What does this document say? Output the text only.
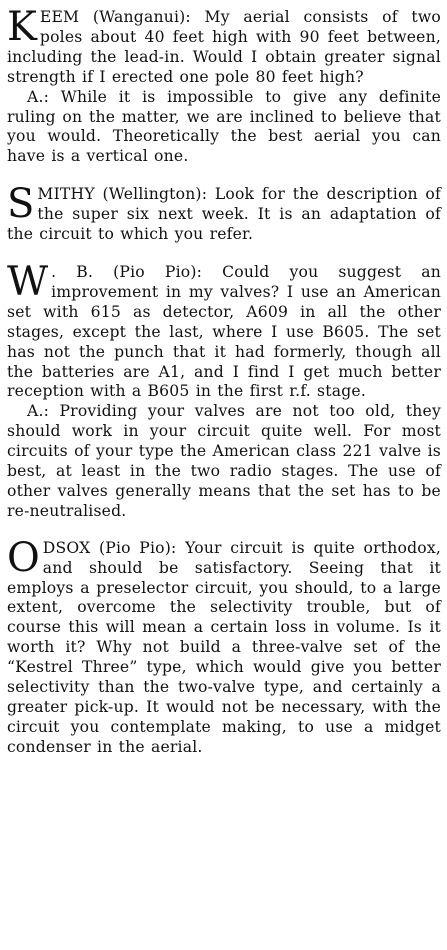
KEEM (Wanganui): My aerial consists of two poles about 40 feet high with 90 feet between, including the lead-in. Would I obtain greater signal strength if I erected one pole 80 feet high?

A.: While it is impossible to give any definite ruling on the matter, we are inclined to believe that you would. Theoretically the best aerial you can have is a vertical one.

SMITHY (Wellington): Look for the description of the super six next week. It is an adaptation of the circuit to which you refer.

W . B. (Pio Pio): Could you suggest an improvement in my valves? I use an American set with 615 as detector, A609 in all the other stages, except the last, where I use B605. The set has not the punch that it had formerly, though all the batteries are A1, and I find I get much better reception with a B605 in the first r.f. stage.

A.: Providing your valves are not too old, they should work in your circuit quite well. For most circuits of your type the American class 221 valve is best, at least in the two radio stages. The use of other valves generally means that the set has to be re-neutralised.

ODSOX (Pio Pio): Your circuit is quite orthodox, and should be satisfactory. Seeing that it employs a preselector circuit, you should, to a large extent, overcome the selectivity trouble, but of course this will mean a certain loss in volume. Is it worth it? Why not build a three-valve set of the “Kestrel Three” type, which would give you better selectivity than the two-valve type, and certainly a greater pick-up. It would not be necessary, with the circuit you contemplate making, to use a midget condenser in the aerial.
